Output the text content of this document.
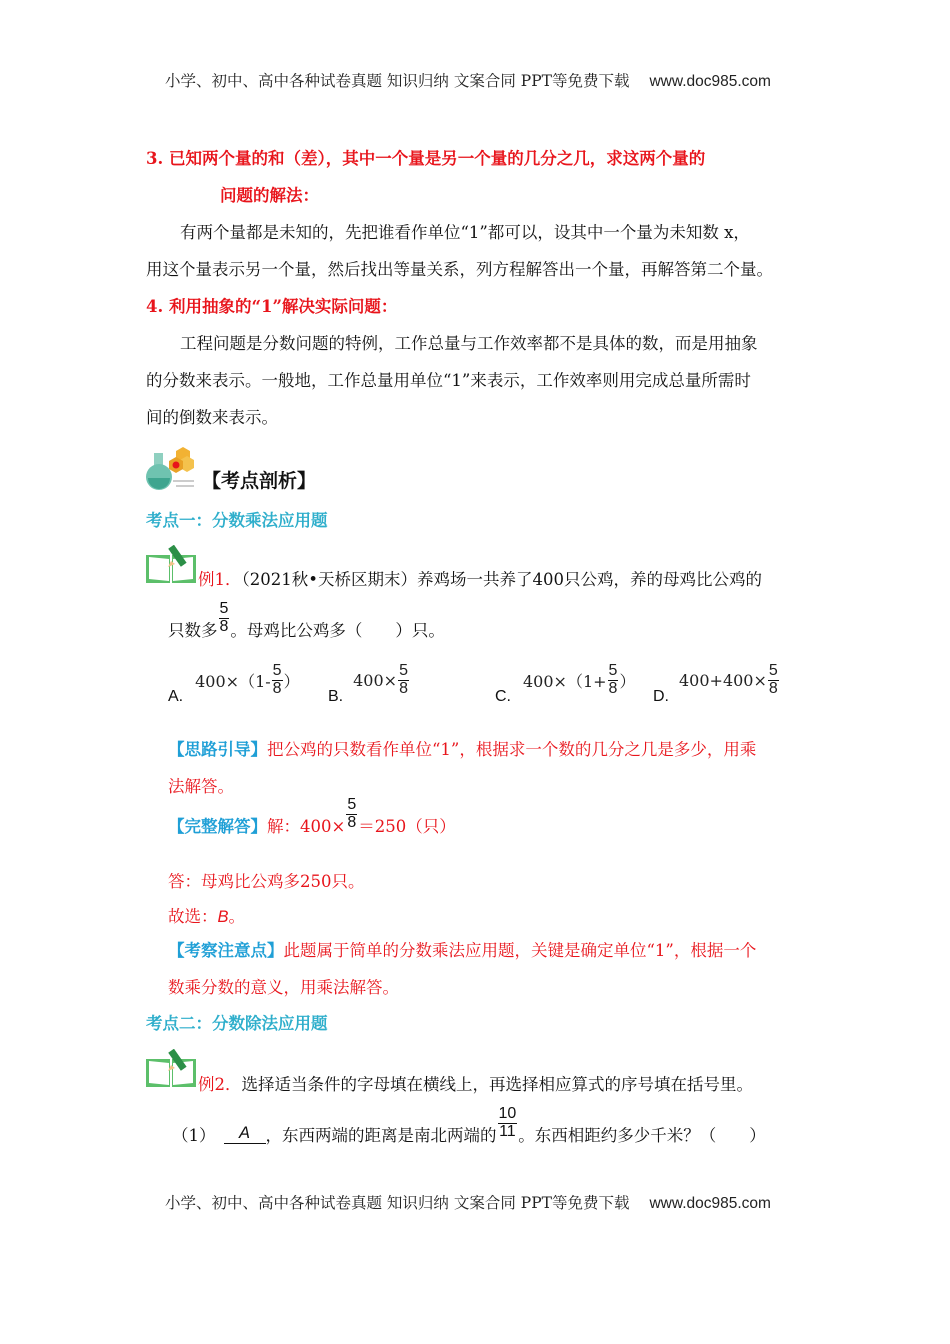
小学、初中、高中各种试卷真题 知识归纳 文案合同 PPT等免费下载 www.doc985.com
3. 已知两个量的和（差），其中一个量是另一个量的几分之几，求这两个量的
问题的解法：
有两个量都是未知的，先把谁看作单位“1”都可以，设其中一个量为未知数 x，
用这个量表示另一个量，然后找出等量关系，列方程解答出一个量，再解答第二个量。
4. 利用抽象的“1”解决实际问题：
工程问题是分数问题的特例，工作总量与工作效率都不是具体的数，而是用抽象
的分数来表示。一般地，工作总量用单位“1”来表示，工作效率则用完成总量所需时
间的倒数来表示。
【考点剖析】
考点一：分数乘法应用题
例1．（2021秋•天桥区期末）养鸡场一共养了400只公鸡，养的母鸡比公鸡的
只数多 $\frac{5}{8}$ 。母鸡比公鸡多（　　）只。
A.
$400\times(1- \frac{5}{8}$ ）
B.
$400\times \frac{5}{8}$	C.
$400\times(1+ \frac{5}{8}$ ）
D.
$400+400\times \frac{5}{8}$
【思路引导】把公鸡的只数看作单位“1”，根据求一个数的几分之几是多少，用乘
法解答。
【完整解答】 解：$400\times \frac{5}{8} =250$（只）
答：母鸡比公鸡多250只。
故选：B。
【考察注意点】此题属于简单的分数乘法应用题，关键是确定单位“1”，根据一个
数乘分数的意义，用乘法解答。
考点二：分数除法应用题
例2．选择适当条件的字母填在横线上，再选择相应算式的序号填在括号里。
（1）	A ，东西两端的距离是南北两端的 $\frac{10}{11}$ 。东西相距约多少千米？（　　）
小学、初中、高中各种试卷真题 知识归纳 文案合同 PPT等免费下载 www.doc985.com
